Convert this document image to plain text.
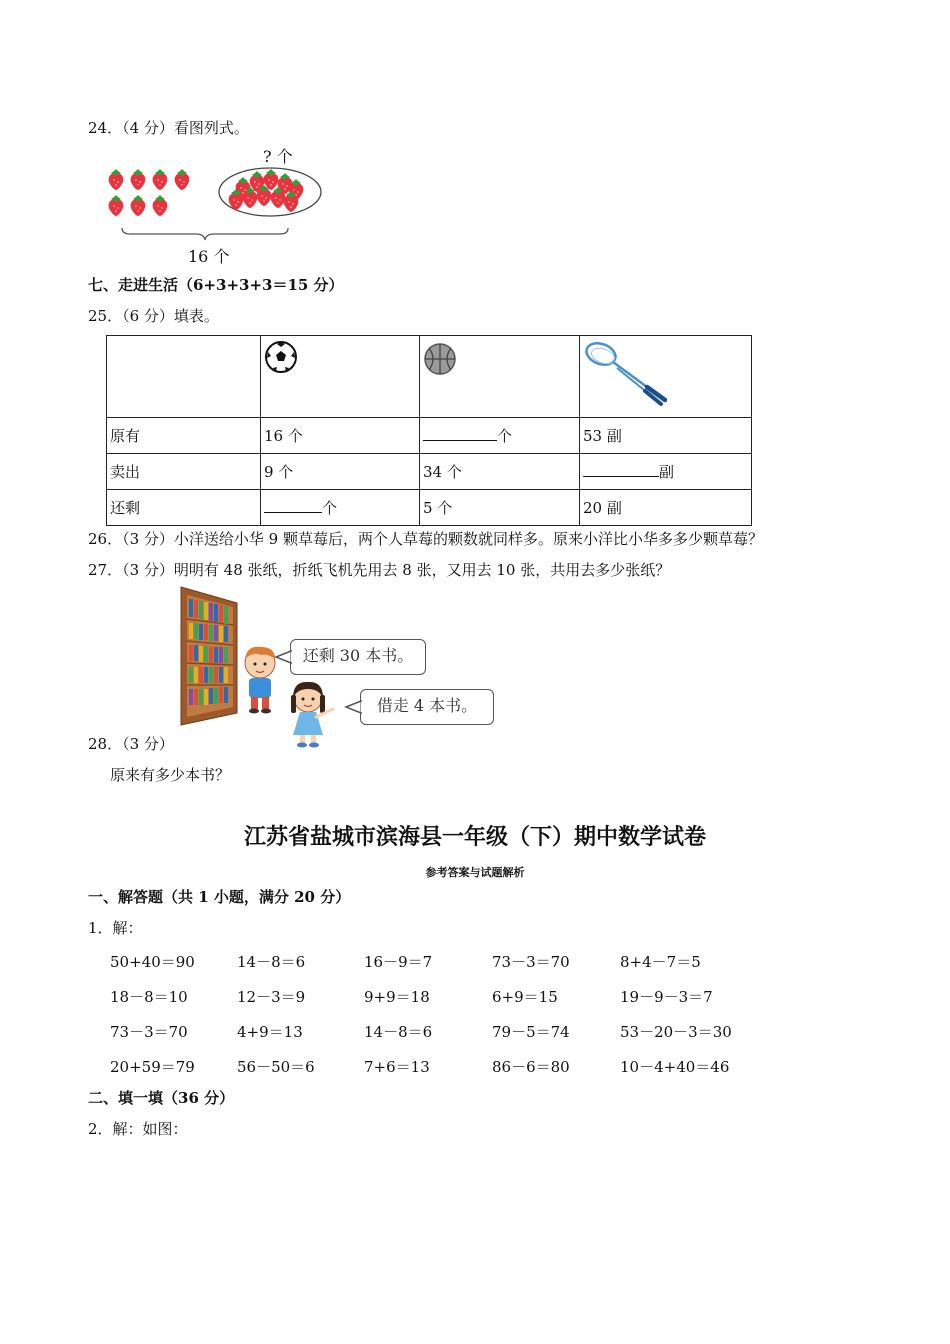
24．（4 分）看图列式。
? 个
16 个
七、走进生活（6+3+3+3＝15 分）
25．（6 分）填表。

原有	16 个	个	53 副
卖出	9 个	34 个	副
还剩	个	5 个	20 副
26．（3 分）小洋送给小华 9 颗草莓后，两个人草莓的颗数就同样多。原来小洋比小华多多少颗草莓？
27．（3 分）明明有 48 张纸，折纸飞机先用去 8 张，又用去 10 张，共用去多少张纸？
还剩 30 本书。
借走 4 本书。
28．（3 分）
原来有多少本书？
江苏省盐城市滨海县一年级（下）期中数学试卷
参考答案与试题解析
一、解答题（共 1 小题，满分 20 分）
1．解：
50+40＝90	14－8＝6	16－9＝7	73－3＝70	8+4－7＝5
18－8＝10	12－3＝9	9+9＝18	6+9＝15	19－9－3＝7
73－3＝70	4+9＝13	14－8＝6	79－5＝74	53－20－3＝30
20+59＝79	56－50＝6	7+6＝13	86－6＝80	10－4+40＝46
二、填一填（36 分）
2．解：如图：
